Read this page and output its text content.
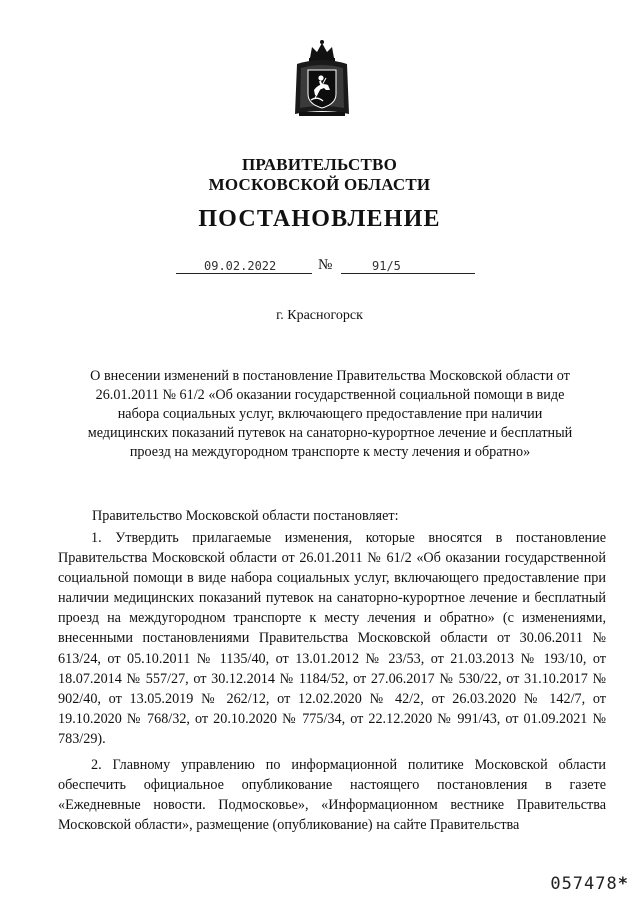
ПРАВИТЕЛЬСТВО
МОСКОВСКОЙ ОБЛАСТИ
ПОСТАНОВЛЕНИЕ
09.02.2022	№	91/5
г. Красногорск
О внесении изменений в постановление Правительства Московской области от 26.01.2011 № 61/2 «Об оказании государственной социальной помощи в виде набора социальных услуг, включающего предоставление при наличии медицинских показаний путевок на санаторно-курортное лечение и бесплатный проезд на междугородном транспорте к месту лечения и обратно»
Правительство Московской области постановляет:

1. Утвердить прилагаемые изменения, которые вносятся в постановление Правительства Московской области от 26.01.2011 № 61/2 «Об оказании государственной социальной помощи в виде набора социальных услуг, включающего предоставление при наличии медицинских показаний путевок на санаторно-курортное лечение и бесплатный проезд на междугородном транспорте к месту лечения и обратно» (с изменениями, внесенными постановлениями Правительства Московской области от 30.06.2011 № 613/24, от 05.10.2011 № 1135/40, от 13.01.2012 № 23/53, от 21.03.2013 № 193/10, от 18.07.2014 № 557/27, от 30.12.2014 № 1184/52, от 27.06.2017 № 530/22, от 31.10.2017 № 902/40, от 13.05.2019 № 262/12, от 12.02.2020 № 42/2, от 26.03.2020 № 142/7, от 19.10.2020 № 768/32, от 20.10.2020 № 775/34, от 22.12.2020 № 991/43, от 01.09.2021 № 783/29).

2. Главному управлению по информационной политике Московской области обеспечить официальное опубликование настоящего постановления в газете «Ежедневные новости. Подмосковье», «Информационном вестнике Правительства Московской области», размещение (опубликование) на сайте Правительства

057478*
